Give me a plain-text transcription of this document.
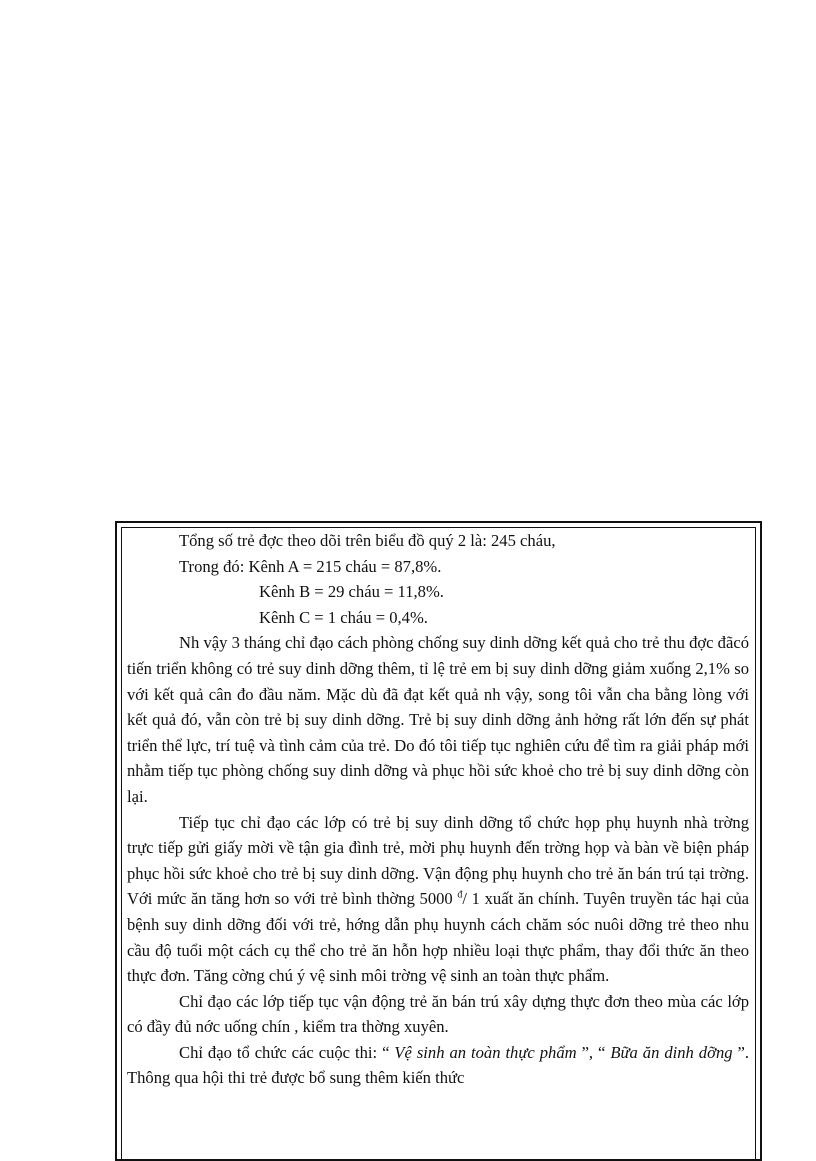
Tổng số trẻ đợc theo dõi trên biểu đồ quý 2 là: 245 cháu,

Trong đó: Kênh A = 215 cháu = 87,8%.

Kênh B = 29 cháu = 11,8%.

Kênh C = 1 cháu = 0,4%.

Nh vậy 3 tháng chỉ đạo cách phòng chống suy dinh dỡng kết quả cho trẻ thu đợc đãcó tiến triển không có trẻ suy dinh dỡng thêm, tỉ lệ trẻ em bị suy dinh dỡng giảm xuống 2,1% so với kết quả cân đo đầu năm. Mặc dù đã đạt kết quả nh vậy, song tôi vẫn cha bằng lòng với kết quả đó, vẫn còn trẻ bị suy dinh dỡng. Trẻ bị suy dinh dỡng ảnh hởng rất lớn đến sự phát triển thể lực, trí tuệ và tình cảm của trẻ. Do đó tôi tiếp tục nghiên cứu để tìm ra giải pháp mới nhằm tiếp tục phòng chống suy dinh dỡng và phục hồi sức khoẻ cho trẻ bị suy dinh dỡng còn lại.

Tiếp tục chỉ đạo các lớp có trẻ bị suy dinh dỡng tổ chức họp phụ huynh nhà trờng trực tiếp gửi giấy mời về tận gia đình trẻ, mời phụ huynh đến trờng họp và bàn về biện pháp phục hồi sức khoẻ cho trẻ bị suy dinh dỡng. Vận động phụ huynh cho trẻ ăn bán trú tại trờng. Với mức ăn tăng hơn so với trẻ bình thờng 5000 $^đ$/ 1 xuất ăn chính. Tuyên truyền tác hại của bệnh suy dinh dỡng đối với trẻ, hớng dẫn phụ huynh cách chăm sóc nuôi dỡng trẻ theo nhu cầu độ tuổi một cách cụ thể cho trẻ ăn hỗn hợp nhiều loại thực phẩm, thay đổi thức ăn theo thực đơn. Tăng cờng chú ý vệ sinh môi trờng vệ sinh an toàn thực phẩm.

Chỉ đạo các lớp tiếp tục vận động trẻ ăn bán trú xây dựng thực đơn theo mùa các lớp có đầy đủ nớc uống chín , kiểm tra thờng xuyên.

Chỉ đạo tổ chức các cuộc thi: “ Vệ sinh an toàn thực phẩm ”, “ Bữa ăn dinh dỡng ”. Thông qua hội thi trẻ được bổ sung thêm kiến thức
